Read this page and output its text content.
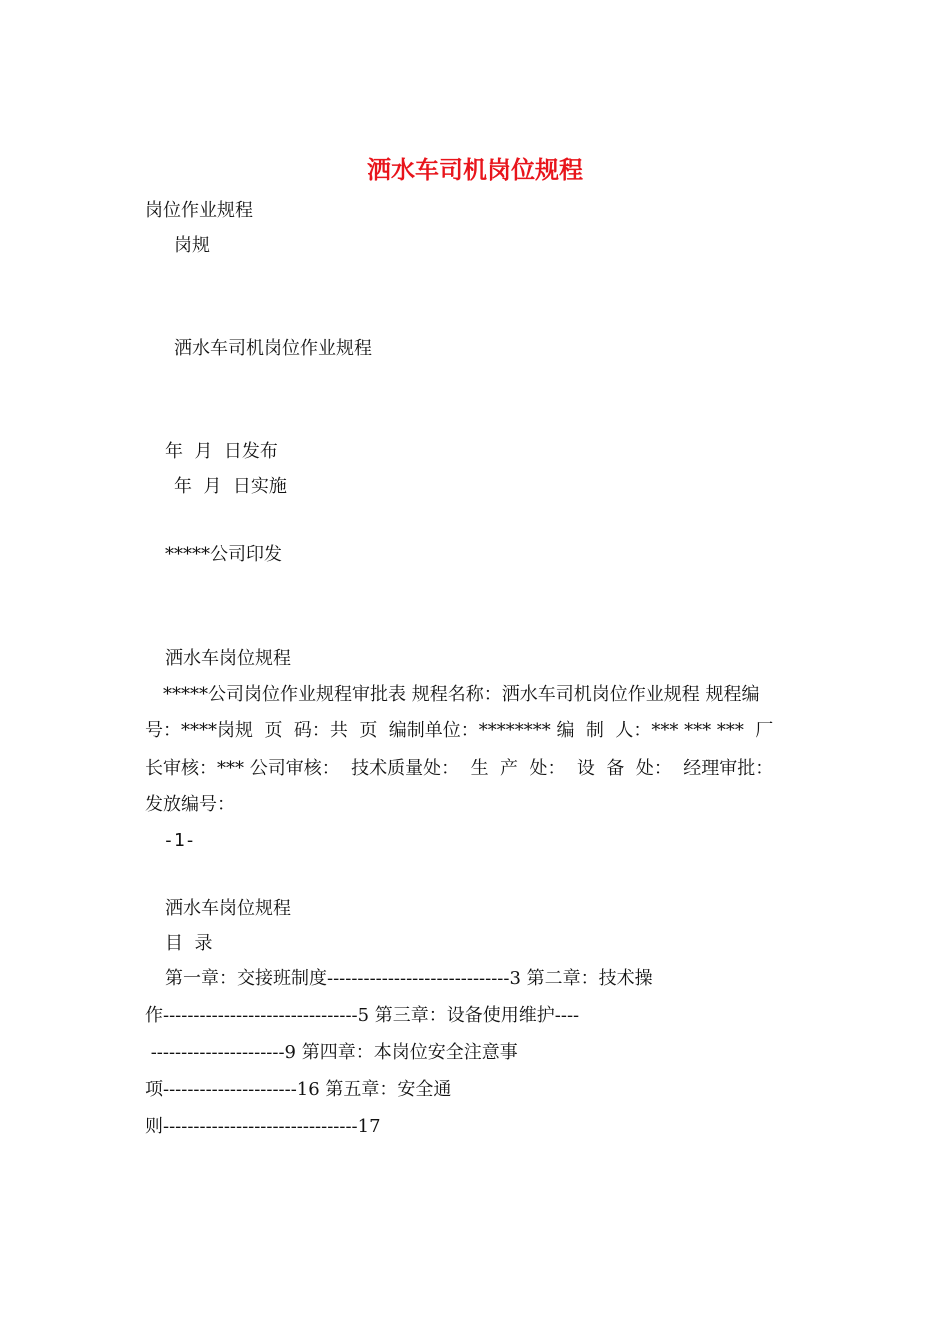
洒水车司机岗位规程
岗位作业规程
岗规
洒水车司机岗位作业规程
年  月  日发布
年  月  日实施
*****公司印发
洒水车岗位规程
*****公司岗位作业规程审批表 规程名称：洒水车司机岗位作业规程 规程编
号：****岗规  页  码：共  页  编制单位：******** 编  制  人：*** *** ***  厂
长审核：*** 公司审核：  技术质量处：  生  产  处：  设  备  处：  经理审批：
发放编号：
-1-
洒水车岗位规程
目  录
第一章：交接班制度------------------------------3 第二章：技术操
作--------------------------------5 第三章：设备使用维护----
----------------------9 第四章：本岗位安全注意事
项----------------------16 第五章：安全通
则--------------------------------17
